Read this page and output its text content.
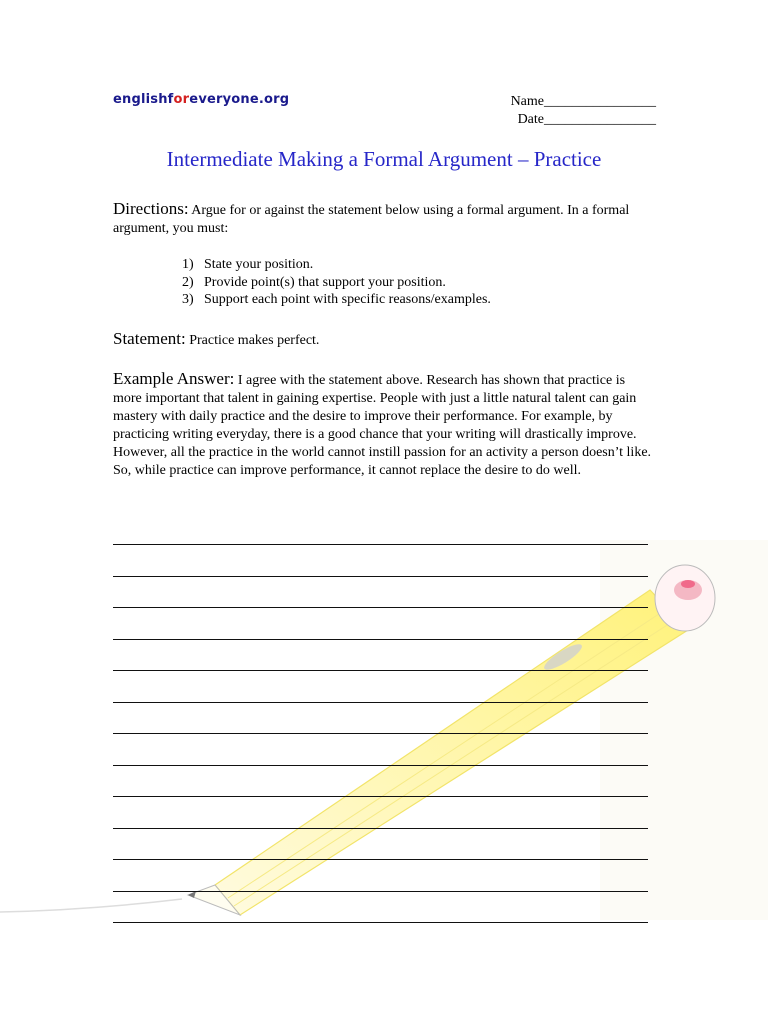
englishforeveryone.org	Name________________
Date________________
Intermediate Making a Formal Argument – Practice
Directions: Argue for or against the statement below using a formal argument. In a formal argument, you must:
1) State your position.
2) Provide point(s) that support your position.
3) Support each point with specific reasons/examples.
Statement: Practice makes perfect.
Example Answer: I agree with the statement above. Research has shown that practice is more important that talent in gaining expertise. People with just a little natural talent can gain mastery with daily practice and the desire to improve their performance. For example, by practicing writing everyday, there is a good chance that your writing will drastically improve. However, all the practice in the world cannot instill passion for an activity a person doesn’t like. So, while practice can improve performance, it cannot replace the desire to do well.
